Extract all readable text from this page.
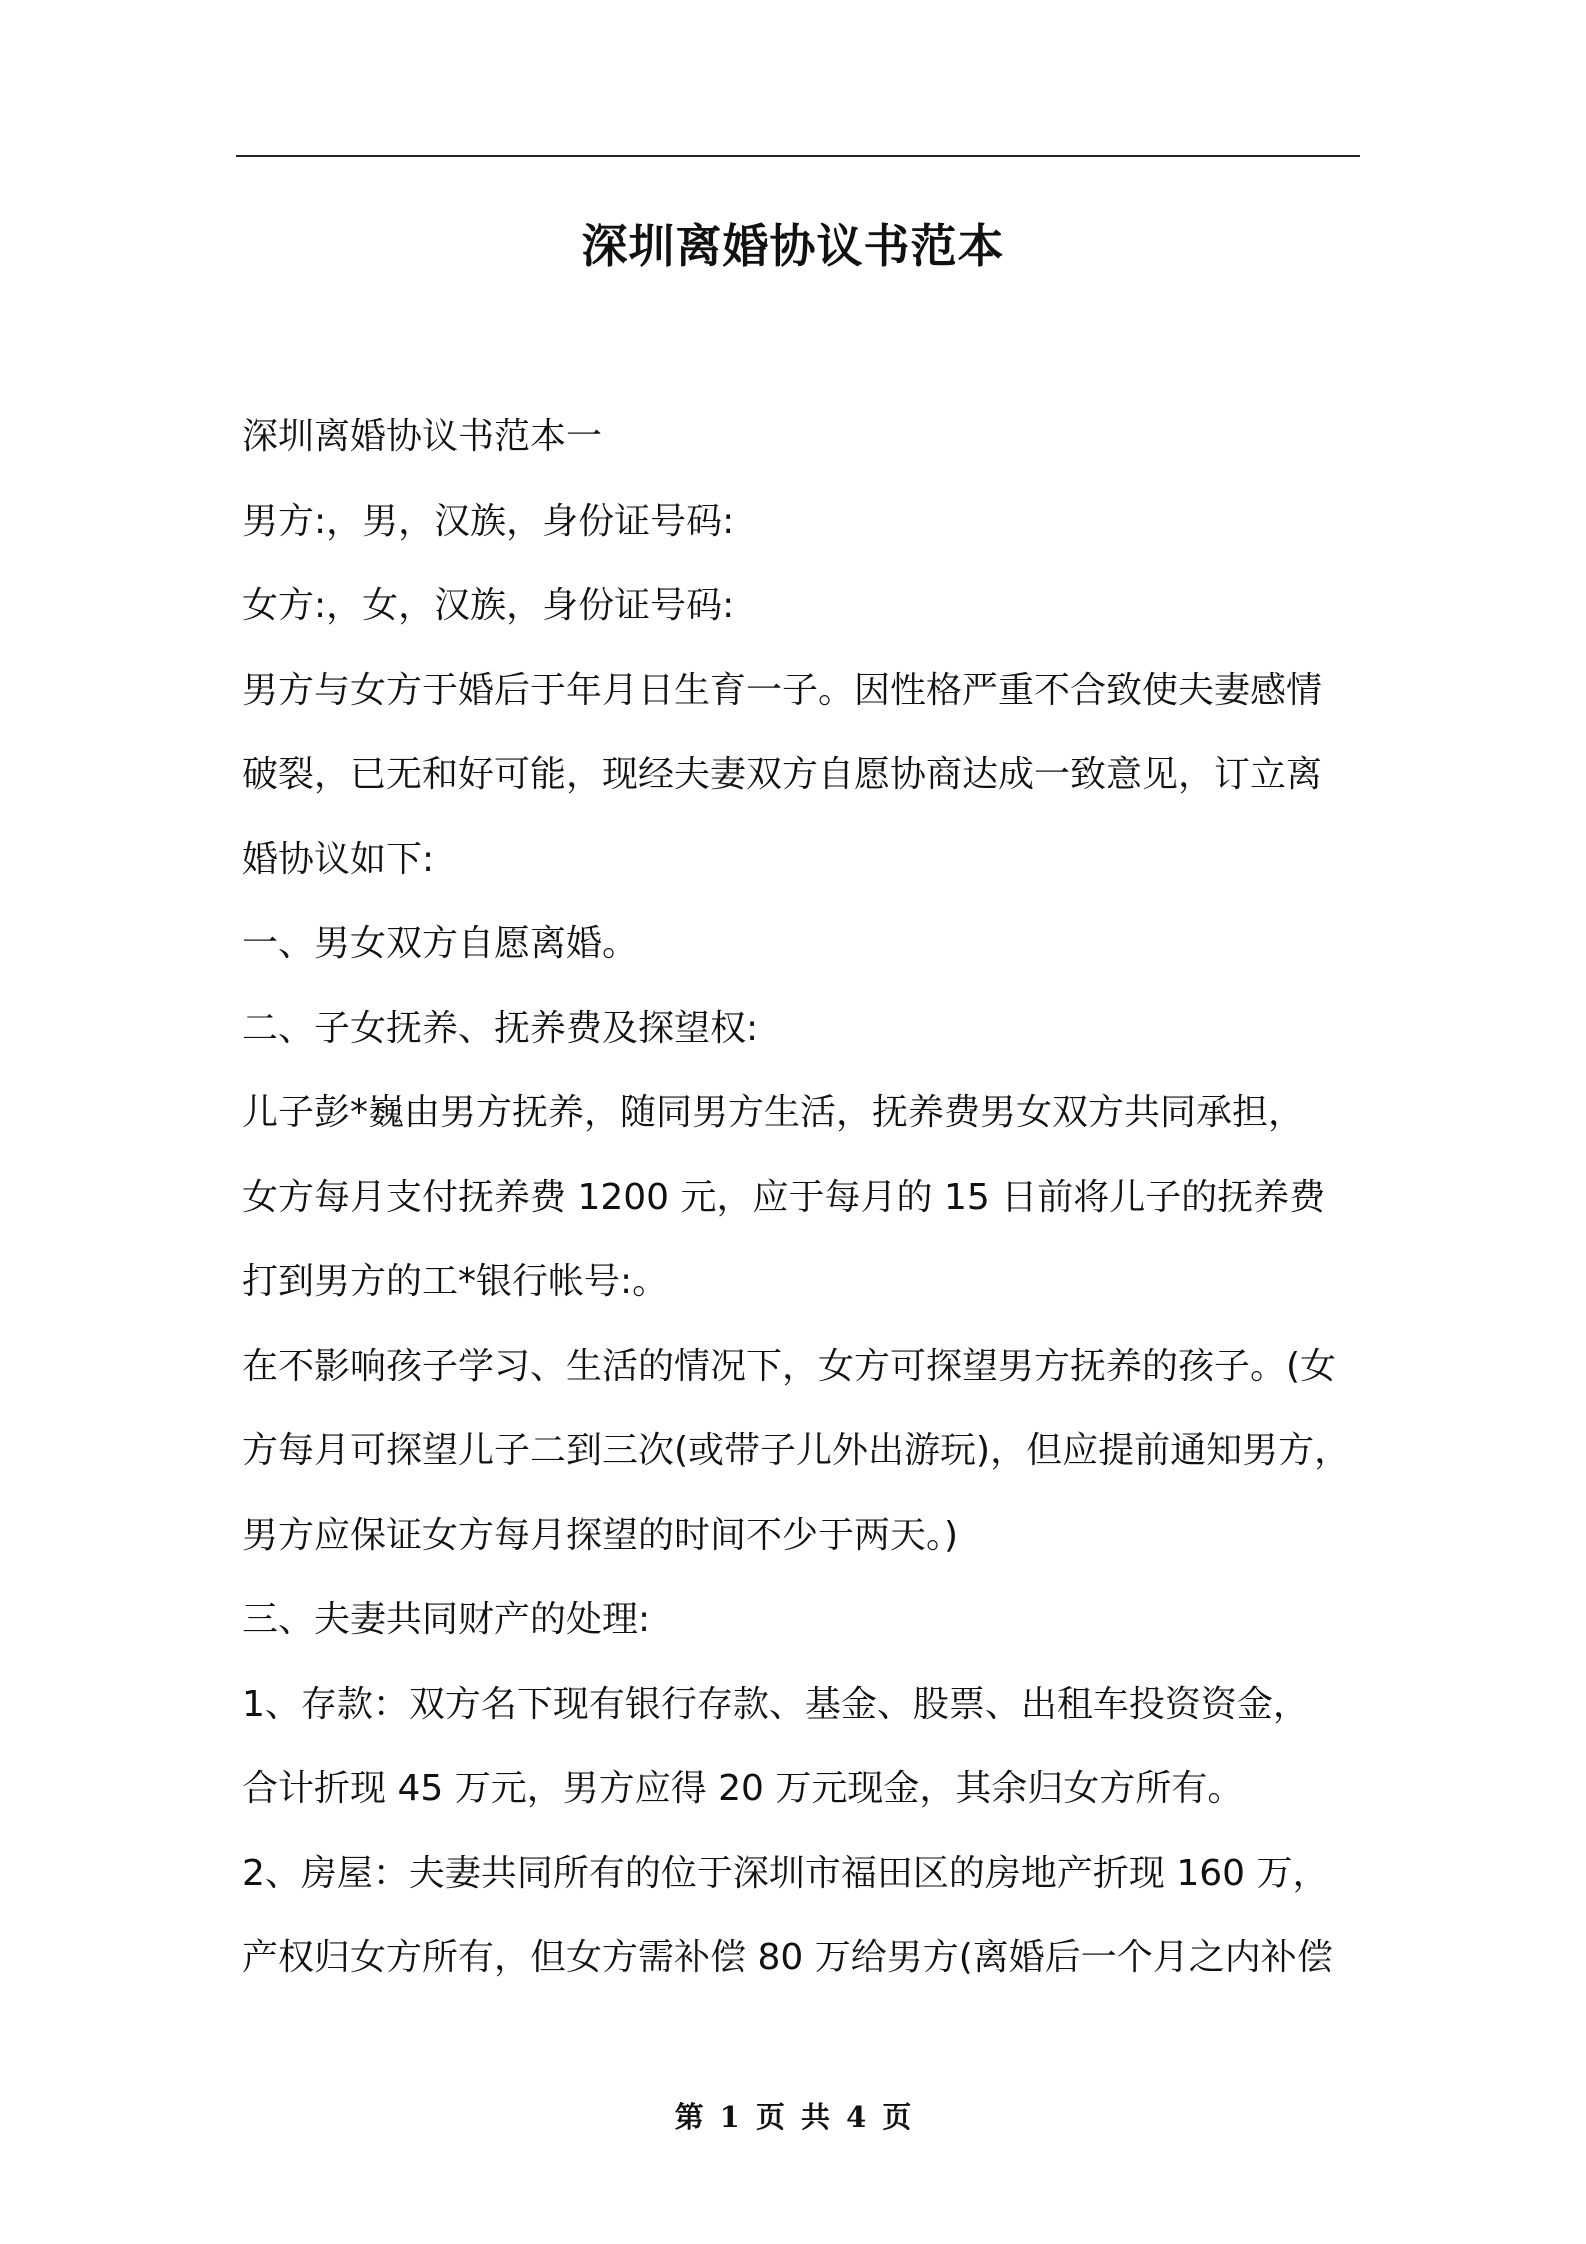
深圳离婚协议书范本

深圳离婚协议书范本一

男方:，男，汉族，身份证号码:

女方:，女，汉族，身份证号码:

男方与女方于婚后于年月日生育一子。因性格严重不合致使夫妻感情

破裂，已无和好可能，现经夫妻双方自愿协商达成一致意见，订立离

婚协议如下:

一、男女双方自愿离婚。

二、子女抚养、抚养费及探望权:

儿子彭*巍由男方抚养，随同男方生活，抚养费男女双方共同承担，

女方每月支付抚养费 1200 元，应于每月的 15 日前将儿子的抚养费

打到男方的工*银行帐号:。

在不影响孩子学习、生活的情况下，女方可探望男方抚养的孩子。(女

方每月可探望儿子二到三次(或带子儿外出游玩)，但应提前通知男方，

男方应保证女方每月探望的时间不少于两天。)

三、夫妻共同财产的处理:

1、存款：双方名下现有银行存款、基金、股票、出租车投资资金，

合计折现 45 万元，男方应得 20 万元现金，其余归女方所有。

2、房屋：夫妻共同所有的位于深圳市福田区的房地产折现 160 万，

产权归女方所有，但女方需补偿 80 万给男方(离婚后一个月之内补偿

第 1 页 共 4 页
